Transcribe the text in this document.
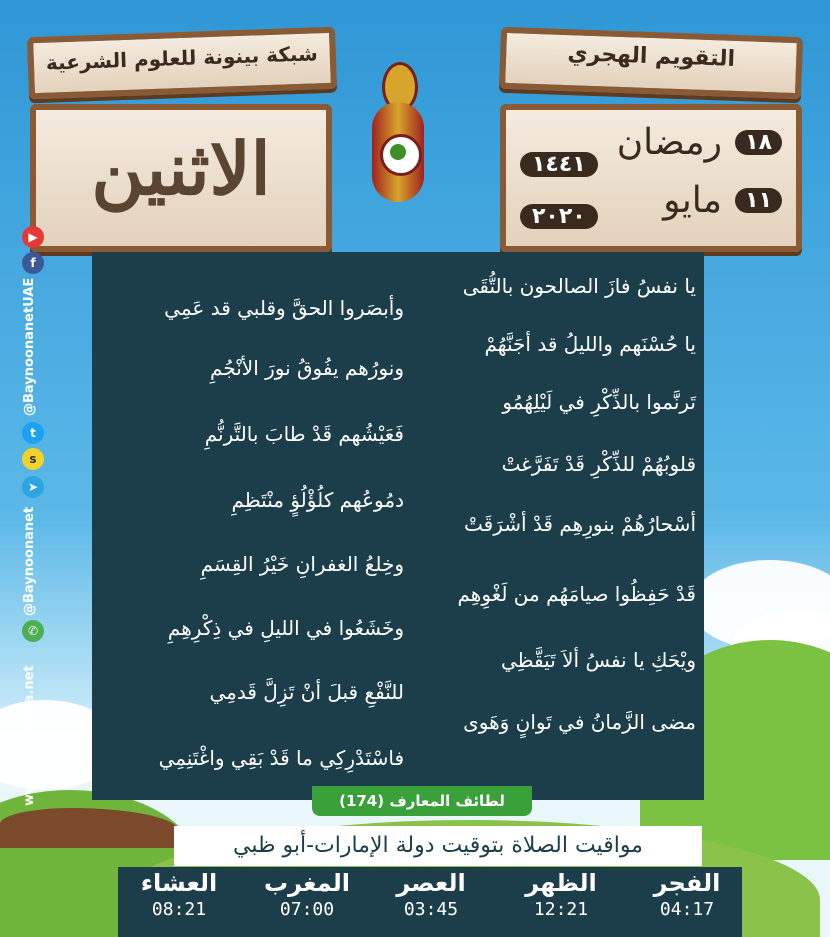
شبكة بينونة للعلوم الشرعية	التقويم الهجري
الاثنين	١٨
رمضان
١٤٤١
١١
مايو
٢٠٢٠
▶
f
@BaynoonanetUAE
t
s
➤
@Baynoonanet
✆
www.baynoona.net
يا نفسُ فازَ الصالحون بالتُّقَى
يا حُسْنَهم والليلُ قد أجَنَّهُمْ
تَرنَّموا بالذِّكْرِ في لَيْلِهُمُو
قلوبُهُمْ للذِّكْرِ قَدْ تَفَرَّغتْ
أسْحارُهُمْ بنورِهِم قَدْ أشْرَقَتْ
قَدْ حَفِظُوا صيامَهُم من لَغْوِهِم
ويْحَكِ يا نفسُ ألاَ تَيَقَّظِي
مضى الزَّمانُ في تَوانٍ وَهَوى
وأبصَروا الحقَّ وقلبي قد عَمِي
ونورُهم يفُوقُ نورَ الأنْجُمِ
فَعَيْشُهم قَدْ طابَ بالتَّرنُّمِ
دمُوعُهم كلُؤْلُؤٍ منْتَظِمِ
وخِلعُ الغفرانِ خَيْرُ القِسَمِ
وخَشَعُوا في الليلِ في ذِكْرِهِمِ
للنَّفْعِ قبلَ أنْ تَزِلَّ قَدمِي
فاسْتَدْرِكِي ما قَدْ بَقِي واغْتَنِمِي
لطائف المعارف (174)
مواقيت الصلاة بتوقيت دولة الإمارات-أبو ظبي
الفجر
04:17
الظهر
12:21
العصر
03:45
المغرب
07:00
العشاء
08:21
